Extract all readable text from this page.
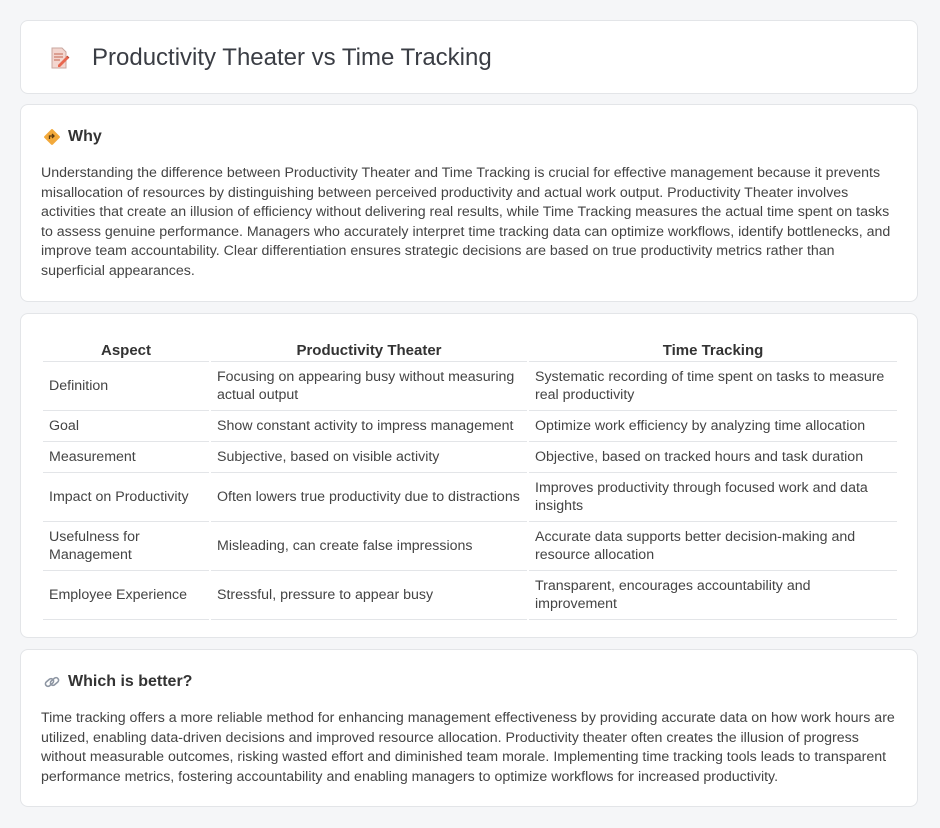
Productivity Theater vs Time Tracking
Why

Understanding the difference between Productivity Theater and Time Tracking is crucial for effective management because it prevents misallocation of resources by distinguishing between perceived productivity and actual work output. Productivity Theater involves activities that create an illusion of efficiency without delivering real results, while Time Tracking measures the actual time spent on tasks to assess genuine performance. Managers who accurately interpret time tracking data can optimize workflows, identify bottlenecks, and improve team accountability. Clear differentiation ensures strategic decisions are based on true productivity metrics rather than superficial appearances.

Aspect	Productivity Theater	Time Tracking
Definition	Focusing on appearing busy without measuring actual output	Systematic recording of time spent on tasks to measure real productivity
Goal	Show constant activity to impress management	Optimize work efficiency by analyzing time allocation
Measurement	Subjective, based on visible activity	Objective, based on tracked hours and task duration
Impact on Productivity	Often lowers true productivity due to distractions	Improves productivity through focused work and data insights
Usefulness for Management	Misleading, can create false impressions	Accurate data supports better decision-making and resource allocation
Employee Experience	Stressful, pressure to appear busy	Transparent, encourages accountability and improvement
Which is better?

Time tracking offers a more reliable method for enhancing management effectiveness by providing accurate data on how work hours are utilized, enabling data-driven decisions and improved resource allocation. Productivity theater often creates the illusion of progress without measurable outcomes, risking wasted effort and diminished team morale. Implementing time tracking tools leads to transparent performance metrics, fostering accountability and enabling managers to optimize workflows for increased productivity.
